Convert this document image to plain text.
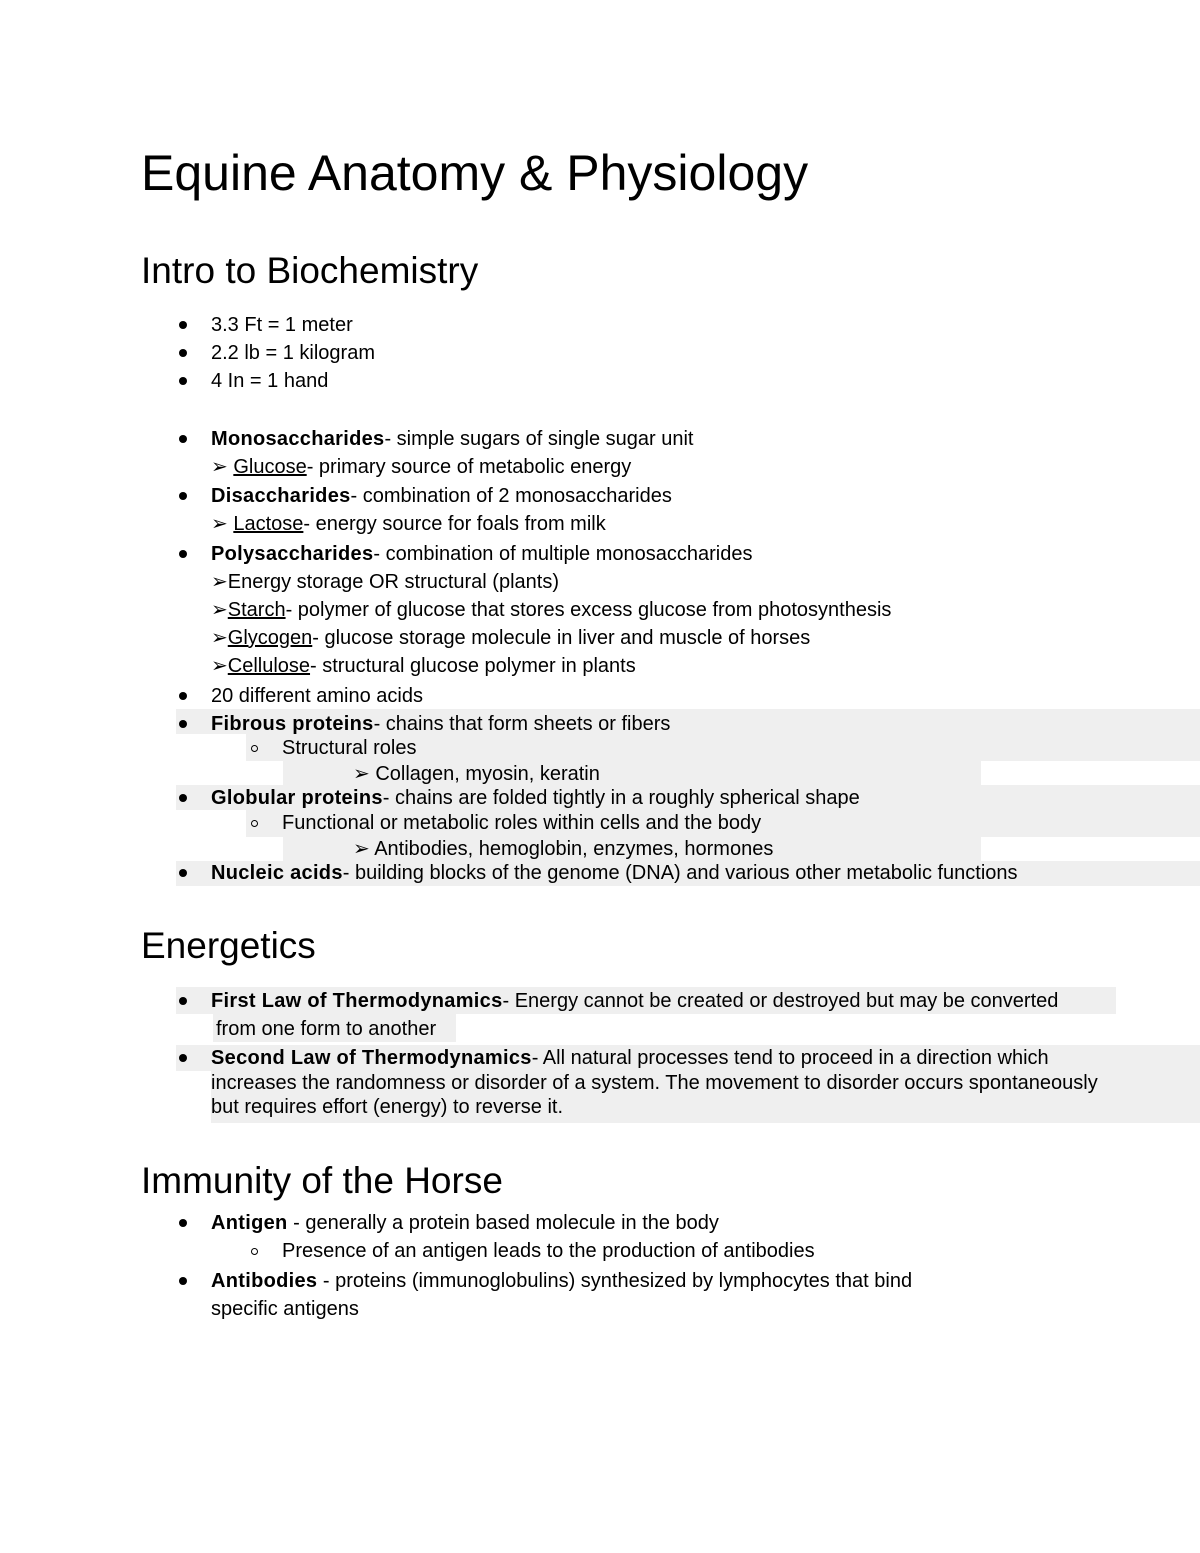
Equine Anatomy & Physiology
Intro to Biochemistry
3.3 Ft = 1 meter
2.2 lb = 1 kilogram
4 In = 1 hand
Monosaccharides- simple sugars of single sugar unit
➢ Glucose- primary source of metabolic energy
Disaccharides- combination of 2 monosaccharides
➢ Lactose- energy source for foals from milk
Polysaccharides- combination of multiple monosaccharides
➢Energy storage OR structural (plants)
➢Starch- polymer of glucose that stores excess glucose from photosynthesis
➢Glycogen- glucose storage molecule in liver and muscle of horses
➢Cellulose- structural glucose polymer in plants
20 different amino acids
Fibrous proteins- chains that form sheets or fibers
Structural roles
➢ Collagen, myosin, keratin
Globular proteins- chains are folded tightly in a roughly spherical shape
Functional or metabolic roles within cells and the body
➢ Antibodies, hemoglobin, enzymes, hormones
Nucleic acids- building blocks of the genome (DNA) and various other metabolic functions
Energetics
First Law of Thermodynamics- Energy cannot be created or destroyed but may be converted
from one form to another
Second Law of Thermodynamics- All natural processes tend to proceed in a direction which
increases the randomness or disorder of a system. The movement to disorder occurs spontaneously
but requires effort (energy) to reverse it.
Immunity of the Horse
Antigen - generally a protein based molecule in the body
Presence of an antigen leads to the production of antibodies
Antibodies - proteins (immunoglobulins) synthesized by lymphocytes that bind
specific antigens
